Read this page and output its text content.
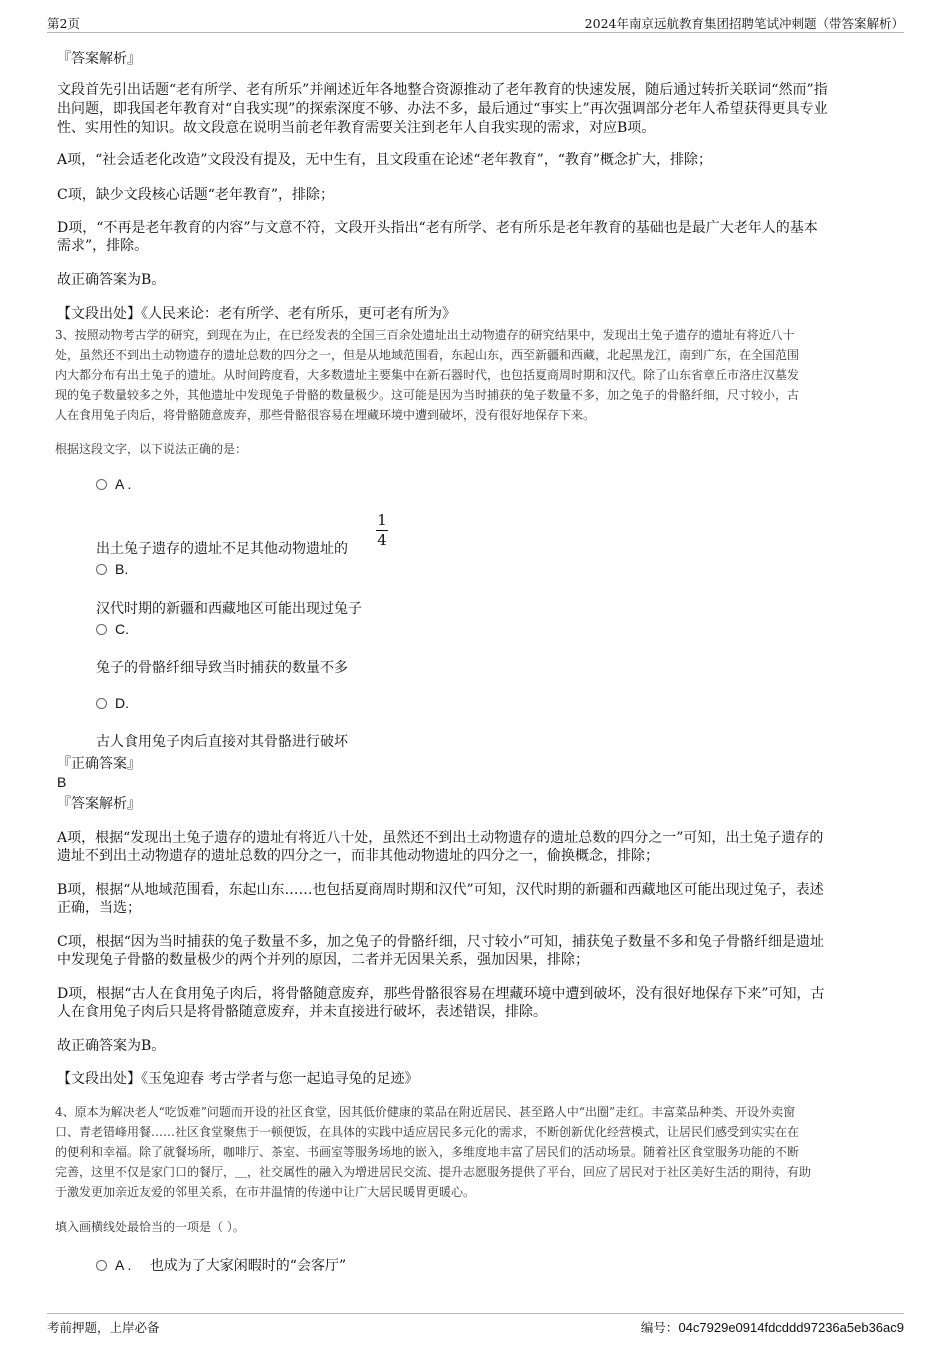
第2页	2024年南京远航教育集团招聘笔试冲刺题（带答案解析）
『答案解析』
文段首先引出话题“老有所学、老有所乐”并阐述近年各地整合资源推动了老年教育的快速发展，随后通过转折关联词“然而”指
出问题，即我国老年教育对“自我实现”的探索深度不够、办法不多，最后通过“事实上”再次强调部分老年人希望获得更具专业
性、实用性的知识。故文段意在说明当前老年教育需要关注到老年人自我实现的需求，对应B项。
A项，“社会适老化改造”文段没有提及，无中生有，且文段重在论述“老年教育”，“教育”概念扩大，排除；
C项，缺少文段核心话题“老年教育”，排除；
D项，“不再是老年教育的内容”与文意不符，文段开头指出“老有所学、老有所乐是老年教育的基础也是最广大老年人的基本
需求”，排除。
故正确答案为B。
【文段出处】《人民来论：老有所学、老有所乐，更可老有所为》
3、按照动物考古学的研究，到现在为止，在已经发表的全国三百余处遗址出土动物遗存的研究结果中，发现出土兔子遗存的遗址有将近八十
处，虽然还不到出土动物遗存的遗址总数的四分之一，但是从地域范围看，东起山东，西至新疆和西藏，北起黑龙江，南到广东，在全国范围
内大都分布有出土兔子的遗址。从时间跨度看，大多数遗址主要集中在新石器时代，也包括夏商周时期和汉代。除了山东省章丘市洛庄汉墓发
现的兔子数量较多之外，其他遗址中发现兔子骨骼的数量极少。这可能是因为当时捕获的兔子数量不多，加之兔子的骨骼纤细，尺寸较小，古
人在食用兔子肉后，将骨骼随意废弃，那些骨骼很容易在埋藏环境中遭到破坏，没有很好地保存下来。
根据这段文字，以下说法正确的是：
A .
出土兔子遗存的遗址不足其他动物遗址的
1
4
B.
汉代时期的新疆和西藏地区可能出现过兔子
C.
兔子的骨骼纤细导致当时捕获的数量不多
D.
古人食用兔子肉后直接对其骨骼进行破坏
『正确答案』
B
『答案解析』
A项，根据“发现出土兔子遗存的遗址有将近八十处，虽然还不到出土动物遗存的遗址总数的四分之一”可知，出土兔子遗存的
遗址不到出土动物遗存的遗址总数的四分之一，而非其他动物遗址的四分之一，偷换概念，排除；
B项，根据“从地域范围看，东起山东……也包括夏商周时期和汉代”可知，汉代时期的新疆和西藏地区可能出现过兔子，表述
正确，当选；
C项，根据“因为当时捕获的兔子数量不多，加之兔子的骨骼纤细，尺寸较小”可知，捕获兔子数量不多和兔子骨骼纤细是遗址
中发现兔子骨骼的数量极少的两个并列的原因，二者并无因果关系，强加因果，排除；
D项，根据“古人在食用兔子肉后，将骨骼随意废弃，那些骨骼很容易在埋藏环境中遭到破坏，没有很好地保存下来”可知，古
人在食用兔子肉后只是将骨骼随意废弃，并未直接进行破坏，表述错误，排除。
故正确答案为B。
【文段出处】《玉兔迎春 考古学者与您一起追寻兔的足迹》
4、原本为解决老人“吃饭难”问题而开设的社区食堂，因其低价健康的菜品在附近居民、甚至路人中“出圈”走红。丰富菜品种类、开设外卖窗
口、青老错峰用餐……社区食堂聚焦于一顿便饭，在具体的实践中适应居民多元化的需求，不断创新优化经营模式，让居民们感受到实实在在
的便利和幸福。除了就餐场所，咖啡厅、茶室、书画室等服务场地的嵌入，多维度地丰富了居民们的活动场景。随着社区食堂服务功能的不断
完善，这里不仅是家门口的餐厅，＿，社交属性的融入为增进居民交流、提升志愿服务提供了平台，回应了居民对于社区美好生活的期待，有助
于激发更加亲近友爱的邻里关系，在市井温情的传递中让广大居民暖胃更暖心。
填入画横线处最恰当的一项是（ ）。
A . 也成为了大家闲暇时的“会客厅”
考前押题，上岸必备	编号：04c7929e0914fdcddd97236a5eb36ac9
